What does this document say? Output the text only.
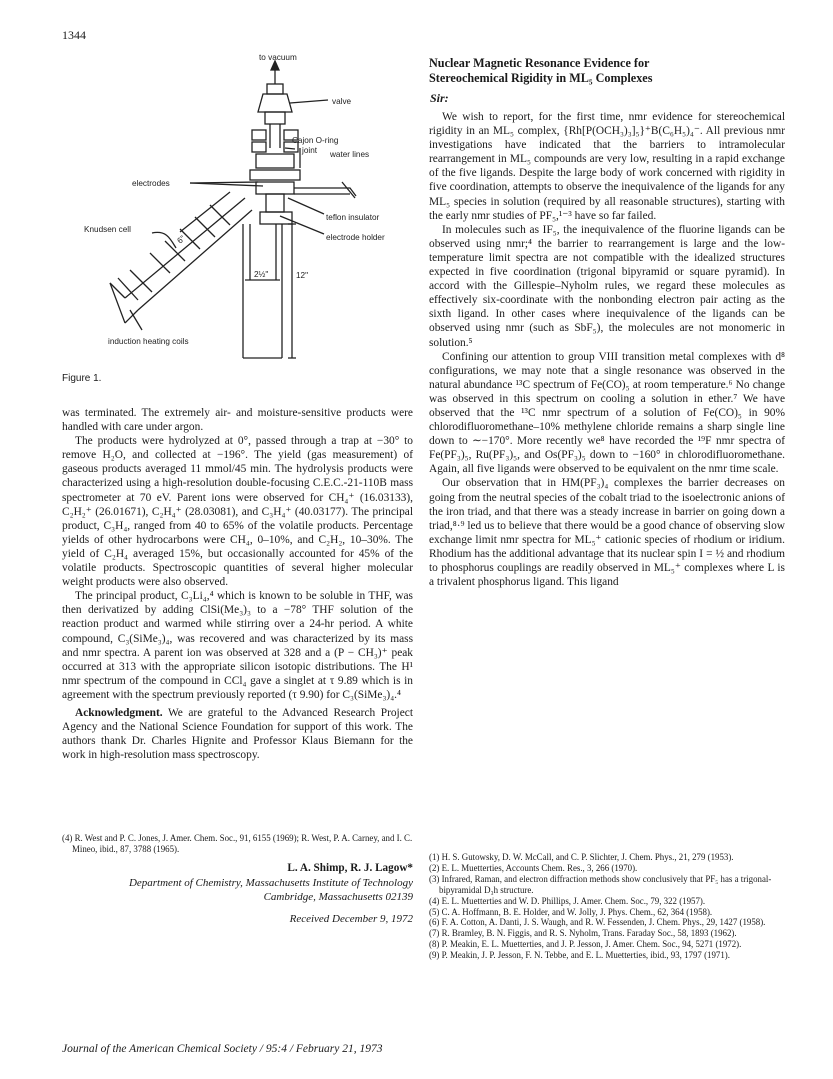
1344
to vacuum
valve
Cajon O-ring
joint water lines
electrodes
Knudsen cell
teflon insulator
electrode holder
2½"	12"
6"
induction heating coils
Figure 1.

was terminated. The extremely air- and moisture-sensitive products were handled with care under argon.

The products were hydrolyzed at 0°, passed through a trap at −30° to remove H₂O, and collected at −196°. The yield (gas measurement) of gaseous products averaged 11 mmol/45 min. The hydrolysis products were characterized using a high-resolution double-focusing C.E.C.-21-110B mass spectrometer at 70 eV. Parent ions were observed for CH₄⁺ (16.03133), C₂H₂⁺ (26.01671), C₂H₄⁺ (28.03081), and C₃H₄⁺ (40.03177). The principal product, C₃H₄, ranged from 40 to 65% of the volatile products. Percentage yields of other hydrocarbons were CH₄, 0–10%, and C₂H₂, 10–30%. The yield of C₂H₄ averaged 15%, but occasionally accounted for 45% of the volatile products. Spectroscopic quantities of several higher molecular weight products were also observed.

The principal product, C₃Li₄,⁴ which is known to be soluble in THF, was then derivatized by adding ClSi(Me₃)₃ to a −78° THF solution of the reaction product and warmed while stirring over a 24-hr period. A white compound, C₃(SiMe₃)₄, was recovered and was characterized by its mass and nmr spectra. A parent ion was observed at 328 and a (P − CH₃)⁺ peak occurred at 313 with the appropriate silicon isotopic distributions. The H¹ nmr spectrum of the compound in CCl₄ gave a singlet at τ 9.89 which is in agreement with the spectrum previously reported (τ 9.90) for C₃(SiMe₃)₄.⁴

Acknowledgment. We are grateful to the Advanced Research Project Agency and the National Science Foundation for support of this work. The authors thank Dr. Charles Hignite and Professor Klaus Biemann for the work in high-resolution mass spectroscopy.

(4) R. West and P. C. Jones, J. Amer. Chem. Soc., 91, 6155 (1969); R. West, P. A. Carney, and I. C. Mineo, ibid., 87, 3788 (1965).
L. A. Shimp, R. J. Lagow*
Department of Chemistry, Massachusetts Institute of Technology
Cambridge, Massachusetts 02139
Received December 9, 1972
Nuclear Magnetic Resonance Evidence for
Stereochemical Rigidity in ML₅ Complexes
Sir:

We wish to report, for the first time, nmr evidence for stereochemical rigidity in an ML₅ complex, {Rh[P(OCH₃)₃]₅}⁺B(C₆H₅)₄⁻. All previous nmr investigations have indicated that the barriers to intramolecular rearrangement in ML₅ compounds are very low, resulting in a rapid exchange of the five ligands. Despite the large body of work concerned with rigidity in five coordination, attempts to observe the inequivalence of the ligands for any ML₅ species in solution (required by all reasonable structures), starting with the early nmr studies of PF₅,¹⁻³ have so far failed.

In molecules such as IF₅, the inequivalence of the fluorine ligands can be observed using nmr;⁴ the barrier to rearrangement is large and the low-temperature limit spectra are not compatible with the idealized structures expected in five coordination (trigonal bipyramid or square pyramid). In accord with the Gillespie–Nyholm rules, we regard these molecules as effectively six-coordinate with the nonbonding electron pair acting as the sixth ligand. In other cases where inequivalence of the ligands can be observed using nmr (such as SbF₅), the molecules are not monomeric in solution.⁵

Confining our attention to group VIII transition metal complexes with d⁸ configurations, we may note that a single resonance was observed in the natural abundance ¹³C spectrum of Fe(CO)₅ at room temperature.⁶ No change was observed in this spectrum on cooling a solution in ether.⁷ We have observed that the ¹³C nmr spectrum of a solution of Fe(CO)₅ in 90% chlorodifluoromethane–10% methylene chloride remains a sharp single line down to ∼−170°. More recently we⁸ have recorded the ¹⁹F nmr spectra of Fe(PF₃)₅, Ru(PF₃)₅, and Os(PF₃)₅ down to −160° in chlorodifluoromethane. Again, all five ligands were observed to be equivalent on the nmr time scale.

Our observation that in HM(PF₃)₄ complexes the barrier decreases on going from the neutral species of the cobalt triad to the isoelectronic anions of the iron triad, and that there was a steady increase in barrier on going down a triad,⁸·⁹ led us to believe that there would be a good chance of observing slow exchange limit nmr spectra for ML₅⁺ cationic species of rhodium or iridium. Rhodium has the additional advantage that its nuclear spin I = ½ and rhodium to phosphorus couplings are readily observed in ML₅⁺ complexes where L is a trivalent phosphorus ligand. This ligand

(1) H. S. Gutowsky, D. W. McCall, and C. P. Slichter, J. Chem. Phys., 21, 279 (1953).
(2) E. L. Muetterties, Accounts Chem. Res., 3, 266 (1970).
(3) Infrared, Raman, and electron diffraction methods show conclusively that PF₅ has a trigonal-bipyramidal D₃h structure.
(4) E. L. Muetterties and W. D. Phillips, J. Amer. Chem. Soc., 79, 322 (1957).
(5) C. A. Hoffmann, B. E. Holder, and W. Jolly, J. Phys. Chem., 62, 364 (1958).
(6) F. A. Cotton, A. Danti, J. S. Waugh, and R. W. Fessenden, J. Chem. Phys., 29, 1427 (1958).
(7) R. Bramley, B. N. Figgis, and R. S. Nyholm, Trans. Faraday Soc., 58, 1893 (1962).
(8) P. Meakin, E. L. Muetterties, and J. P. Jesson, J. Amer. Chem. Soc., 94, 5271 (1972).
(9) P. Meakin, J. P. Jesson, F. N. Tebbe, and E. L. Muetterties, ibid., 93, 1797 (1971).
Journal of the American Chemical Society / 95:4 / February 21, 1973
